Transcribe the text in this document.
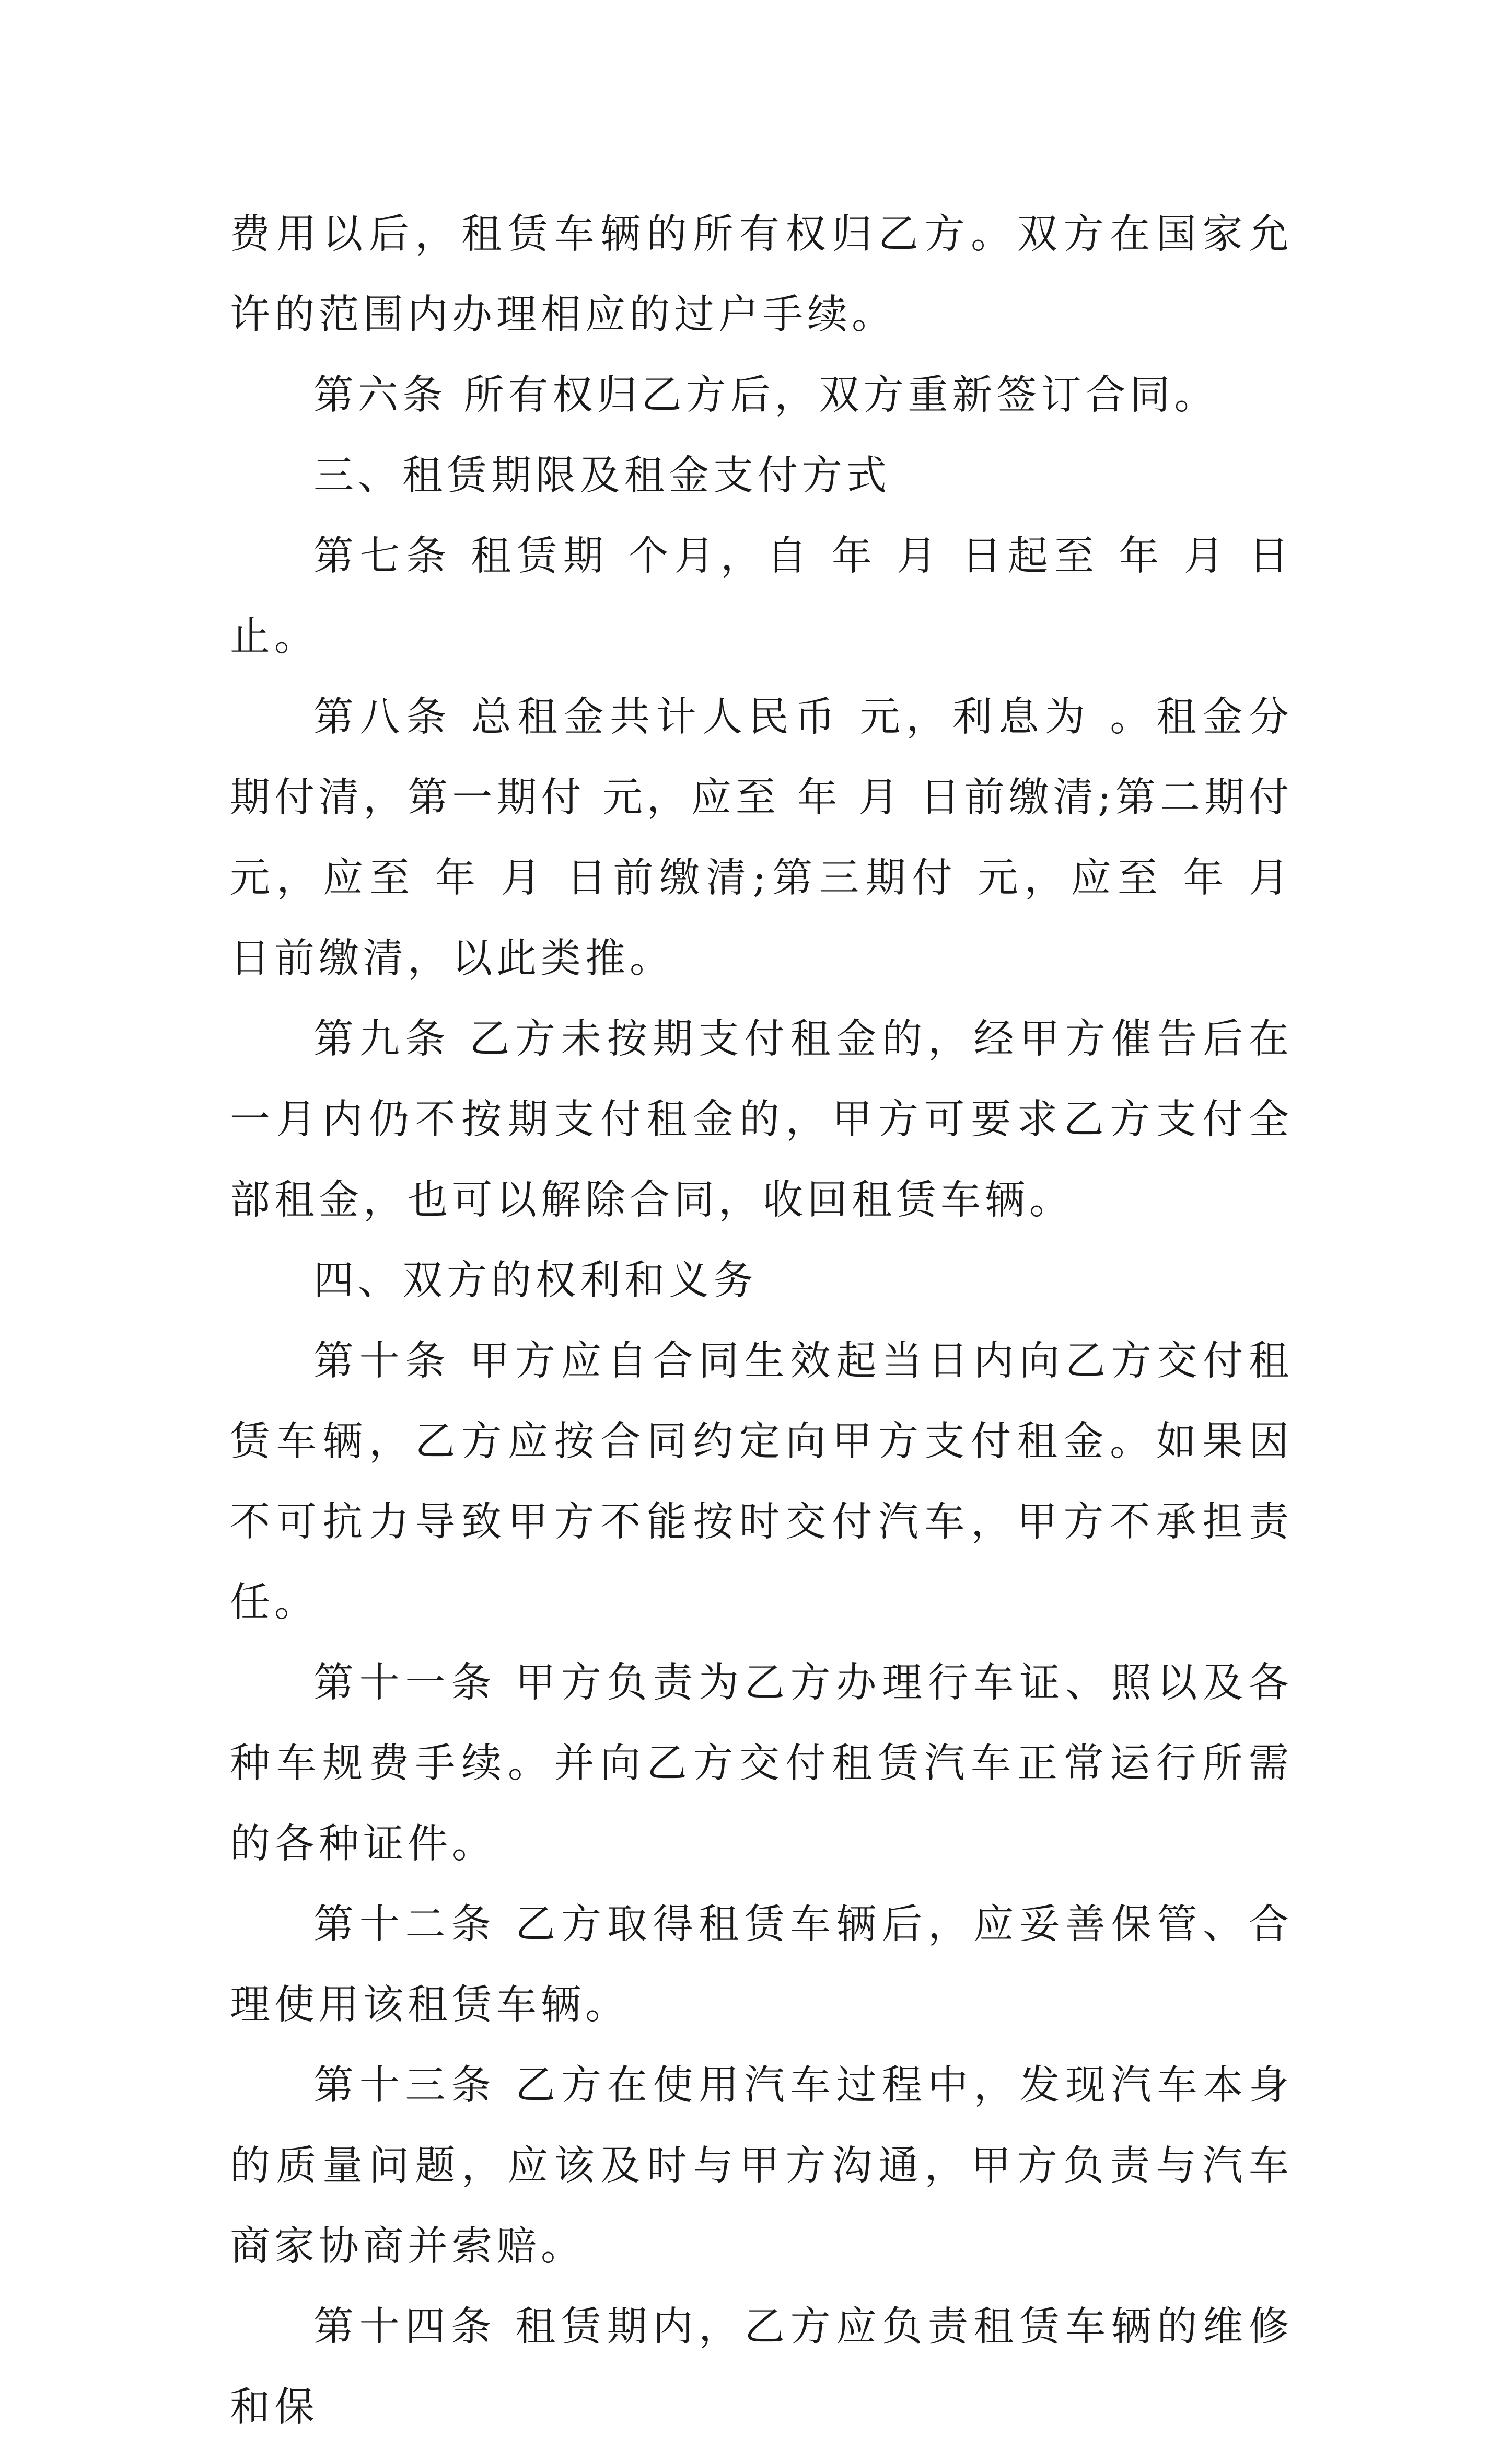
费用以后，租赁车辆的所有权归乙方。双方在国家允许的范围内办理相应的过户手续。

第六条 所有权归乙方后，双方重新签订合同。

三、租赁期限及租金支付方式

第七条 租赁期 个月，自 年 月 日起至 年 月 日止。

第八条 总租金共计人民币 元，利息为 。租金分 期付清，第一期付 元，应至 年 月 日前缴清;第二期付 元，应至 年 月 日前缴清;第三期付 元，应至 年 月 日前缴清，以此类推。

第九条 乙方未按期支付租金的，经甲方催告后在一月内仍不按期支付租金的，甲方可要求乙方支付全部租金，也可以解除合同，收回租赁车辆。

四、双方的权利和义务

第十条 甲方应自合同生效起当日内向乙方交付租赁车辆，乙方应按合同约定向甲方支付租金。如果因不可抗力导致甲方不能按时交付汽车，甲方不承担责任。

第十一条 甲方负责为乙方办理行车证、照以及各种车规费手续。并向乙方交付租赁汽车正常运行所需的各种证件。

第十二条 乙方取得租赁车辆后，应妥善保管、合理使用该租赁车辆。

第十三条 乙方在使用汽车过程中，发现汽车本身的质量问题，应该及时与甲方沟通，甲方负责与汽车商家协商并索赔。

第十四条 租赁期内，乙方应负责租赁车辆的维修和保
